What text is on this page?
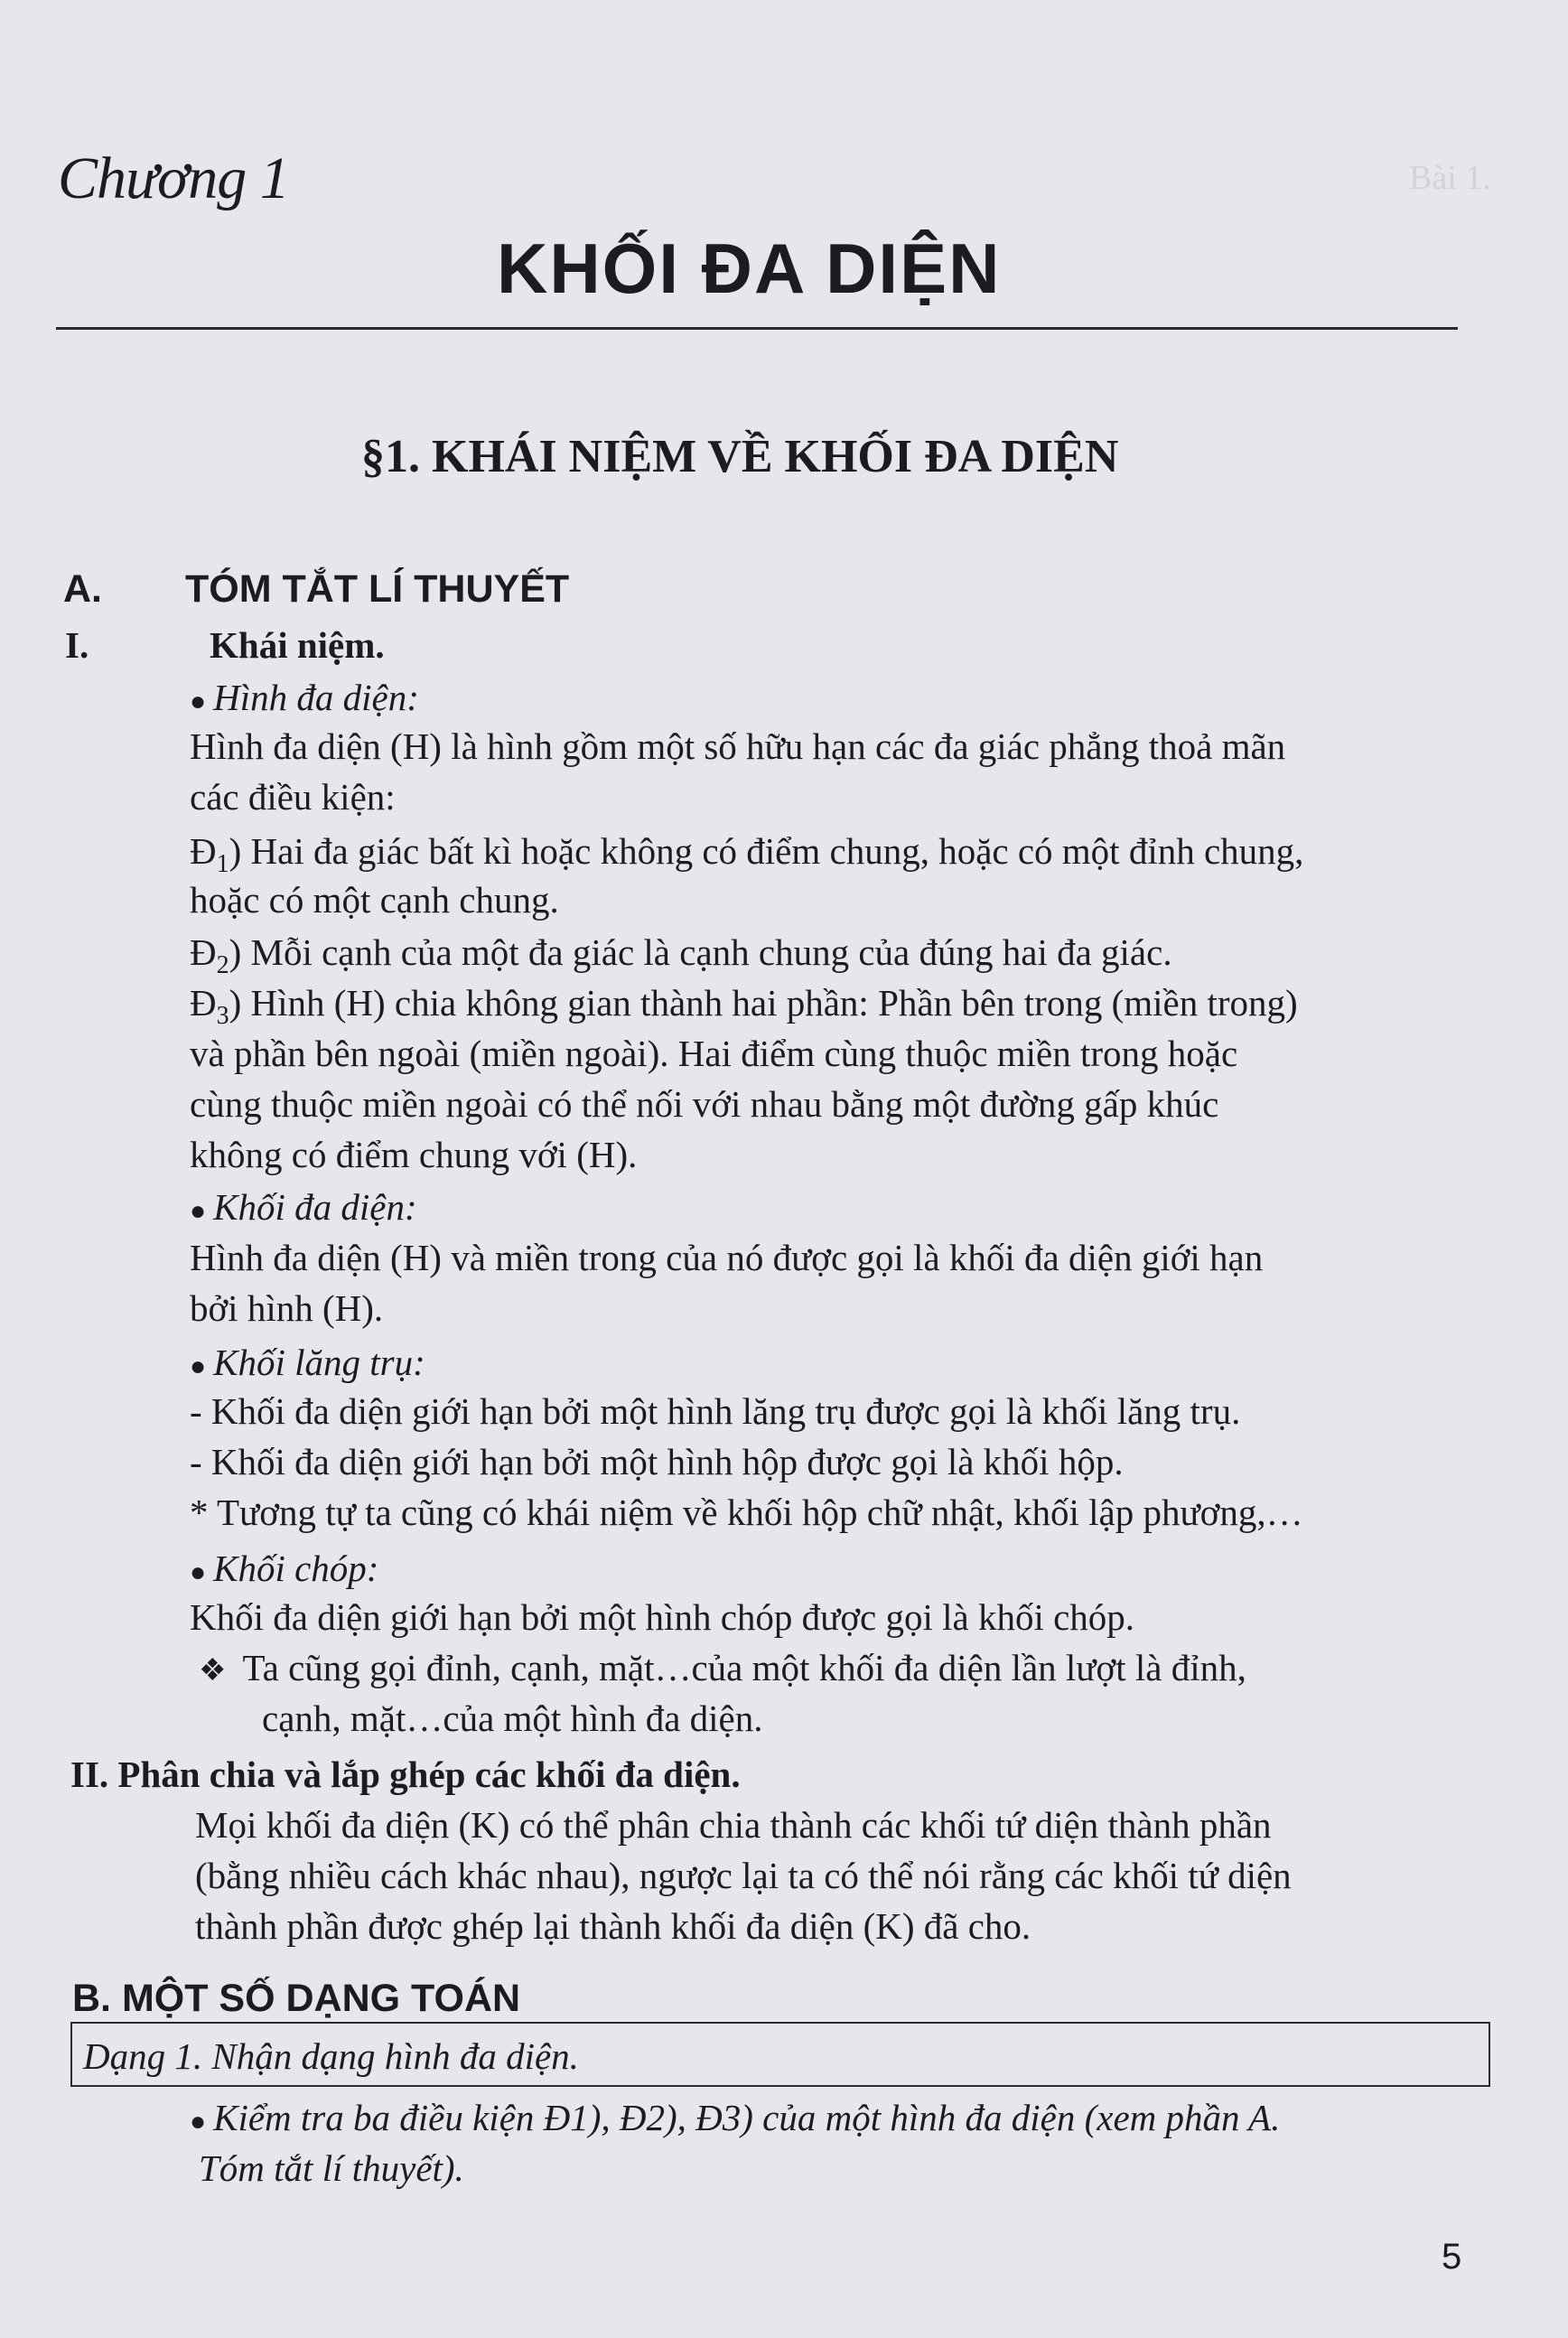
Bài 1.
Chương 1
KHỐI ĐA DIỆN
§1. KHÁI NIỆM VỀ KHỐI ĐA DIỆN
A. TÓM TẮT LÍ THUYẾT
I.	Khái niệm.
● Hình đa diện:
Hình đa diện (H) là hình gồm một số hữu hạn các đa giác phẳng thoả mãn
các điều kiện:
$Đ_1$) Hai đa giác bất kì hoặc không có điểm chung, hoặc có một đỉnh chung,
hoặc có một cạnh chung.
$Đ_2$) Mỗi cạnh của một đa giác là cạnh chung của đúng hai đa giác.
$Đ_3$) Hình (H) chia không gian thành hai phần: Phần bên trong (miền trong)
và phần bên ngoài (miền ngoài). Hai điểm cùng thuộc miền trong hoặc
cùng thuộc miền ngoài có thể nối với nhau bằng một đường gấp khúc
không có điểm chung với (H).
● Khối đa diện:
Hình đa diện (H) và miền trong của nó được gọi là khối đa diện giới hạn
bởi hình (H).
● Khối lăng trụ:
- Khối đa diện giới hạn bởi một hình lăng trụ được gọi là khối lăng trụ.
- Khối đa diện giới hạn bởi một hình hộp được gọi là khối hộp.
* Tương tự ta cũng có khái niệm về khối hộp chữ nhật, khối lập phương,…
● Khối chóp:
Khối đa diện giới hạn bởi một hình chóp được gọi là khối chóp.
❖ Ta cũng gọi đỉnh, cạnh, mặt…của một khối đa diện lần lượt là đỉnh,
cạnh, mặt…của một hình đa diện.
II. Phân chia và lắp ghép các khối đa diện.
Mọi khối đa diện (K) có thể phân chia thành các khối tứ diện thành phần
(bằng nhiều cách khác nhau), ngược lại ta có thể nói rằng các khối tứ diện
thành phần được ghép lại thành khối đa diện (K) đã cho.
B. MỘT SỐ DẠNG TOÁN
Dạng 1. Nhận dạng hình đa diện.
● Kiểm tra ba điều kiện Đ1), Đ2), Đ3) của một hình đa diện (xem phần A.
Tóm tắt lí thuyết).
5
